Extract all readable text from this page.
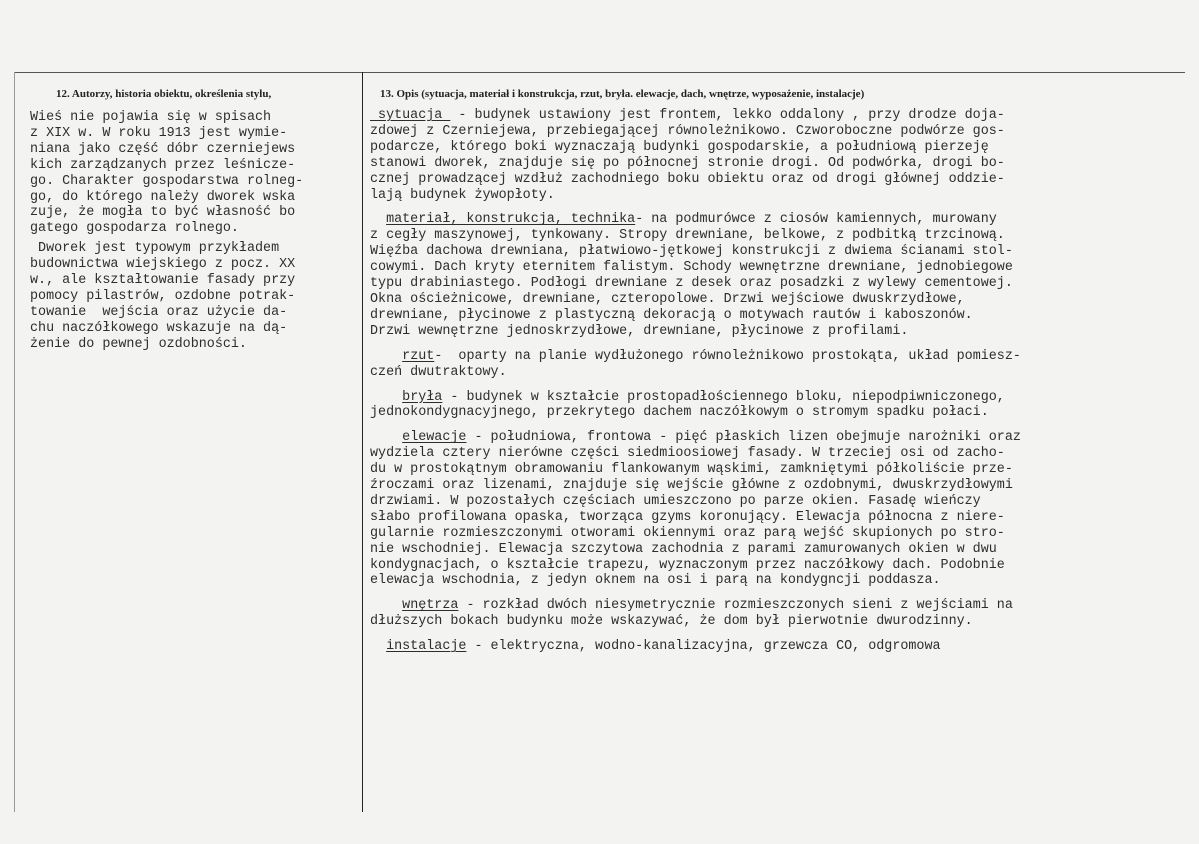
12. Autorzy, historia obiektu, określenia stylu,	13. Opis (sytuacja, materiał i konstrukcja, rzut, bryła. elewacje, dach, wnętrze, wyposażenie, instalacje)
Wieś nie pojawia się w spisach
z XIX w. W roku 1913 jest wymie-
niana jako część dóbr czerniejews
kich zarządzanych przez leśnicze-
go. Charakter gospodarstwa rolneg-
go, do którego należy dworek wska
zuje, że mogła to być własność bo
gatego gospodarza rolnego.
Dworek jest typowym przykładem
budownictwa wiejskiego z pocz. XX
w., ale kształtowanie fasady przy
pomocy pilastrów, ozdobne potrak-
towanie  wejścia oraz użycie da-
chu naczółkowego wskazuje na dą-
żenie do pewnej ozdobności.
sytuacja  - budynek ustawiony jest frontem, lekko oddalony , przy drodze doja-
zdowej z Czerniejewa, przebiegającej równoleżnikowo. Czworoboczne podwórze gos-
podarcze, którego boki wyznaczają budynki gospodarskie, a południową pierzeję
stanowi dworek, znajduje się po północnej stronie drogi. Od podwórka, drogi bo-
cznej prowadzącej wzdłuż zachodniego boku obiektu oraz od drogi głównej oddzie-
lają budynek żywopłoty.
materiał, konstrukcja, technika- na podmurówce z ciosów kamiennych, murowany
z cegły maszynowej, tynkowany. Stropy drewniane, belkowe, z podbitką trzcinową.
Więźba dachowa drewniana, płatwiowo-jętkowej konstrukcji z dwiema ścianami stol-
cowymi. Dach kryty eternitem falistym. Schody wewnętrzne drewniane, jednobiegowe
typu drabiniastego. Podłogi drewniane z desek oraz posadzki z wylewy cementowej.
Okna ościeżnicowe, drewniane, czteropolowe. Drzwi wejściowe dwuskrzydłowe,
drewniane, płycinowe z plastyczną dekoracją o motywach rautów i kaboszonów.
Drzwi wewnętrzne jednoskrzydłowe, drewniane, płycinowe z profilami.
rzut-  oparty na planie wydłużonego równoleżnikowo prostokąta, układ pomiesz-
czeń dwutraktowy.
bryła - budynek w kształcie prostopadłościennego bloku, niepodpiwniczonego,
jednokondygnacyjnego, przekrytego dachem naczółkowym o stromym spadku połaci.
elewacje - południowa, frontowa - pięć płaskich lizen obejmuje narożniki oraz
wydziela cztery nierówne części siedmioosiowej fasady. W trzeciej osi od zacho-
du w prostokątnym obramowaniu flankowanym wąskimi, zamkniętymi półkoliście prze-
źroczami oraz lizenami, znajduje się wejście główne z ozdobnymi, dwuskrzydłowymi
drzwiami. W pozostałych częściach umieszczono po parze okien. Fasadę wieńczy
słabo profilowana opaska, tworząca gzyms koronujący. Elewacja północna z niere-
gularnie rozmieszczonymi otworami okiennymi oraz parą wejść skupionych po stro-
nie wschodniej. Elewacja szczytowa zachodnia z parami zamurowanych okien w dwu
kondygnacjach, o kształcie trapezu, wyznaczonym przez naczółkowy dach. Podobnie
elewacja wschodnia, z jedyn oknem na osi i parą na kondygncji poddasza.
wnętrza - rozkład dwóch niesymetrycznie rozmieszczonych sieni z wejściami na
dłuższych bokach budynku może wskazywać, że dom był pierwotnie dwurodzinny.
instalacje - elektryczna, wodno-kanalizacyjna, grzewcza CO, odgromowa
